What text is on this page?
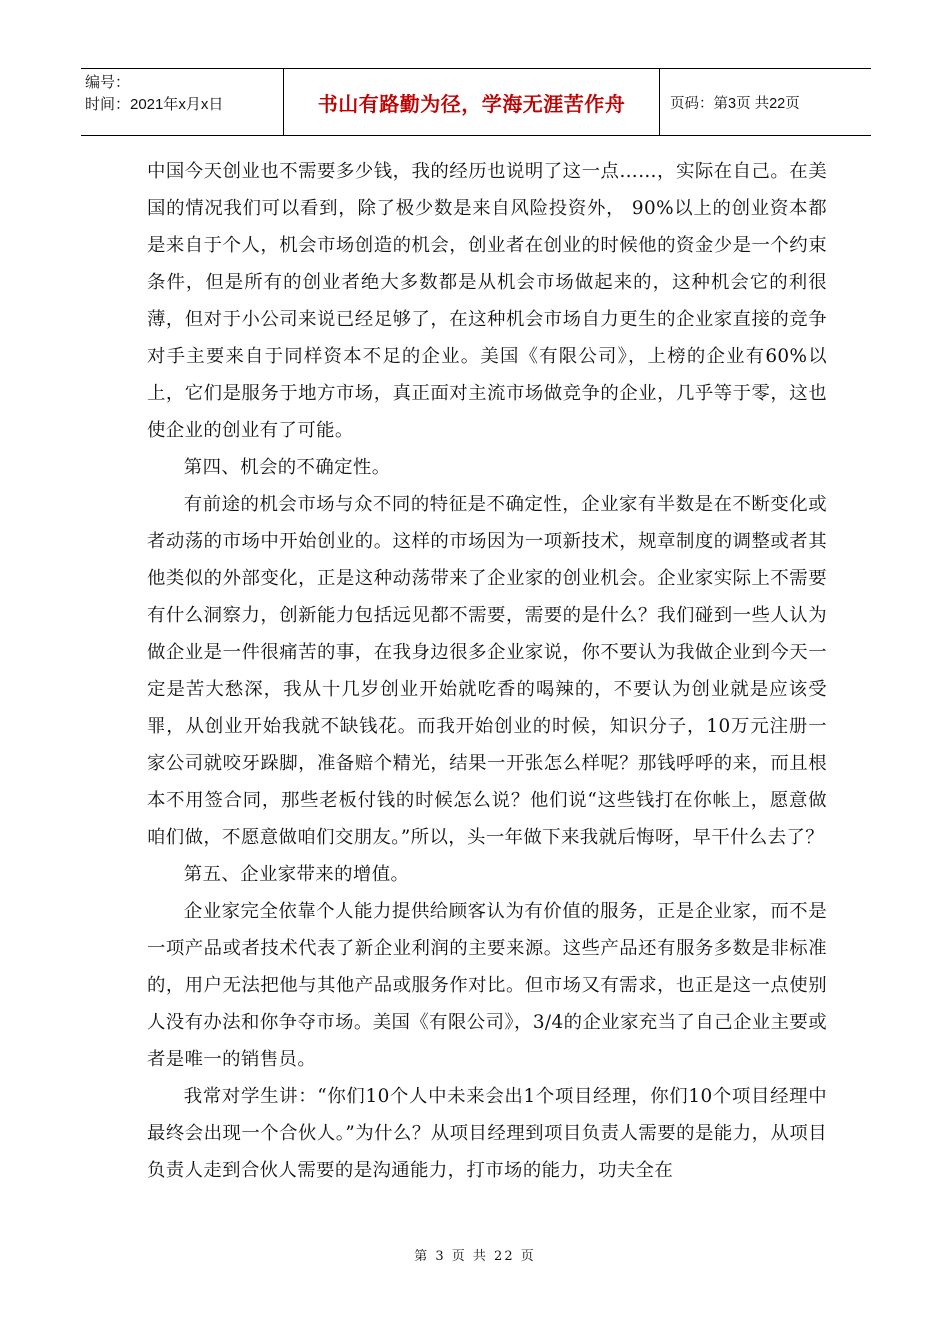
编号：
时间：2021年x月x日	书山有路勤为径，学海无涯苦作舟	页码：第3页 共22页

中国今天创业也不需要多少钱，我的经历也说明了这一点……，实际在自己。在美国的情况我们可以看到，除了极少数是来自风险投资外， 90%以上的创业资本都是来自于个人，机会市场创造的机会，创业者在创业的时候他的资金少是一个约束条件，但是所有的创业者绝大多数都是从机会市场做起来的，这种机会它的利很薄，但对于小公司来说已经足够了，在这种机会市场自力更生的企业家直接的竞争对手主要来自于同样资本不足的企业。美国《有限公司》，上榜的企业有60%以上，它们是服务于地方市场，真正面对主流市场做竞争的企业，几乎等于零，这也使企业的创业有了可能。

第四、机会的不确定性。

有前途的机会市场与众不同的特征是不确定性，企业家有半数是在不断变化或者动荡的市场中开始创业的。这样的市场因为一项新技术，规章制度的调整或者其他类似的外部变化，正是这种动荡带来了企业家的创业机会。企业家实际上不需要有什么洞察力，创新能力包括远见都不需要，需要的是什么？我们碰到一些人认为做企业是一件很痛苦的事，在我身边很多企业家说，你不要认为我做企业到今天一定是苦大愁深，我从十几岁创业开始就吃香的喝辣的，不要认为创业就是应该受罪，从创业开始我就不缺钱花。而我开始创业的时候，知识分子，10万元注册一家公司就咬牙跺脚，准备赔个精光，结果一开张怎么样呢？那钱呼呼的来，而且根本不用签合同，那些老板付钱的时候怎么说？他们说“这些钱打在你帐上，愿意做咱们做，不愿意做咱们交朋友。”所以，头一年做下来我就后悔呀，早干什么去了？

第五、企业家带来的增值。

企业家完全依靠个人能力提供给顾客认为有价值的服务，正是企业家，而不是一项产品或者技术代表了新企业利润的主要来源。这些产品还有服务多数是非标准的，用户无法把他与其他产品或服务作对比。但市场又有需求，也正是这一点使别人没有办法和你争夺市场。美国《有限公司》，3/4的企业家充当了自己企业主要或者是唯一的销售员。

我常对学生讲：“你们10个人中未来会出1个项目经理，你们10个项目经理中最终会出现一个合伙人。”为什么？从项目经理到项目负责人需要的是能力，从项目负责人走到合伙人需要的是沟通能力，打市场的能力，功夫全在

第 3 页 共 22 页
